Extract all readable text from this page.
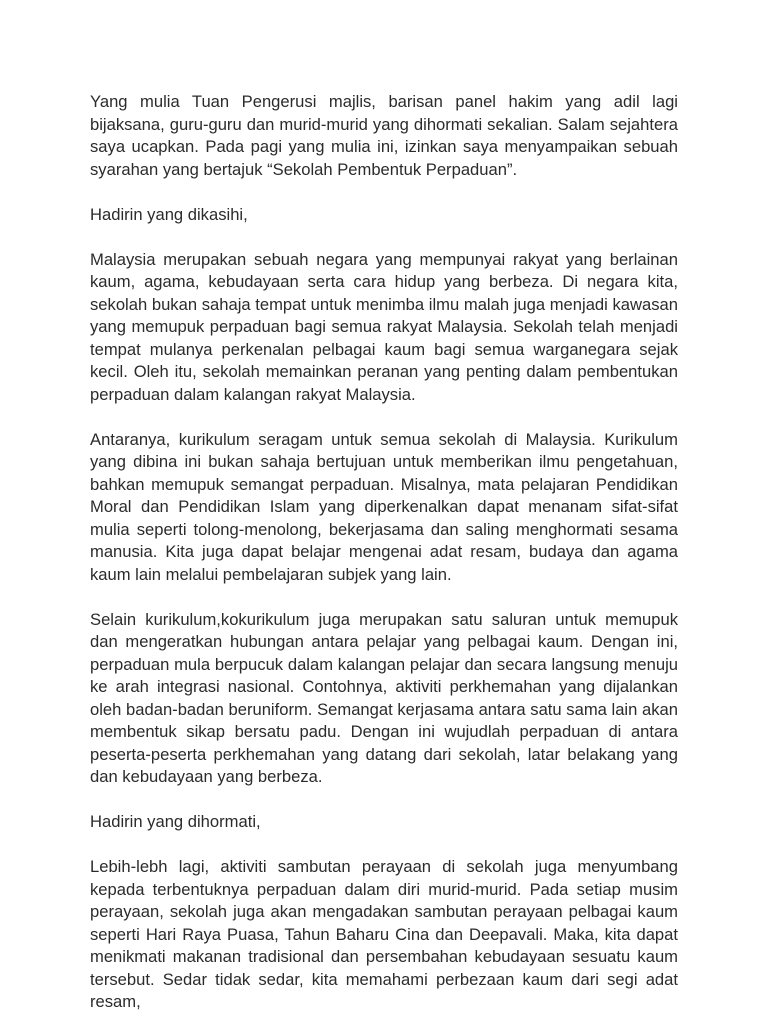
Yang mulia Tuan Pengerusi majlis, barisan panel hakim yang adil lagi bijaksana, guru-guru dan murid-murid yang dihormati sekalian. Salam sejahtera saya ucapkan. Pada pagi yang mulia ini, izinkan saya menyampaikan sebuah syarahan yang bertajuk “Sekolah Pembentuk Perpaduan”.

Hadirin yang dikasihi,

Malaysia merupakan sebuah negara yang mempunyai rakyat yang berlainan kaum, agama, kebudayaan serta cara hidup yang berbeza. Di negara kita, sekolah bukan sahaja tempat untuk menimba ilmu malah juga menjadi kawasan yang memupuk perpaduan bagi semua rakyat Malaysia. Sekolah telah menjadi tempat mulanya perkenalan pelbagai kaum bagi semua warganegara sejak kecil. Oleh itu, sekolah memainkan peranan yang penting dalam pembentukan perpaduan dalam kalangan rakyat Malaysia.

Antaranya, kurikulum seragam untuk semua sekolah di Malaysia. Kurikulum yang dibina ini bukan sahaja bertujuan untuk memberikan ilmu pengetahuan, bahkan memupuk semangat perpaduan. Misalnya, mata pelajaran Pendidikan Moral dan Pendidikan Islam yang diperkenalkan dapat menanam sifat-sifat mulia seperti tolong-menolong, bekerjasama dan saling menghormati sesama manusia. Kita juga dapat belajar mengenai adat resam, budaya dan agama kaum lain melalui pembelajaran subjek yang lain.

Selain kurikulum,kokurikulum juga merupakan satu saluran untuk memupuk dan mengeratkan hubungan antara pelajar yang pelbagai kaum. Dengan ini, perpaduan mula berpucuk dalam kalangan pelajar dan secara langsung menuju ke arah integrasi nasional. Contohnya, aktiviti perkhemahan yang dijalankan oleh badan-badan beruniform. Semangat kerjasama antara satu sama lain akan membentuk sikap bersatu padu. Dengan ini wujudlah perpaduan di antara peserta-peserta perkhemahan yang datang dari sekolah, latar belakang yang dan kebudayaan yang berbeza.

Hadirin yang dihormati,

Lebih-lebh lagi, aktiviti sambutan perayaan di sekolah juga menyumbang kepada terbentuknya perpaduan dalam diri murid-murid. Pada setiap musim perayaan, sekolah juga akan mengadakan sambutan perayaan pelbagai kaum seperti Hari Raya Puasa, Tahun Baharu Cina dan Deepavali. Maka, kita dapat menikmati makanan tradisional dan persembahan kebudayaan sesuatu kaum tersebut. Sedar tidak sedar, kita memahami perbezaan kaum dari segi adat resam,
